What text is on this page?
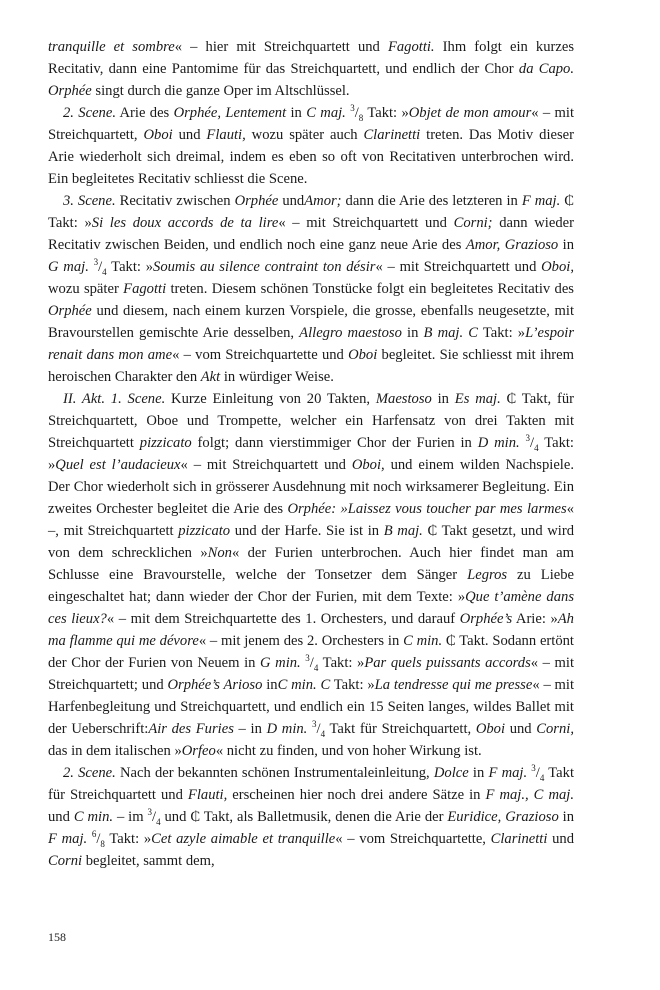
tranquille et sombre« – hier mit Streichquartett und Fagotti. Ihm folgt ein kurzes Recitativ, dann eine Pantomime für das Streichquartett, und endlich der Chor da Capo. Orphée singt durch die ganze Oper im Altschlüssel.

2. Scene. Arie des Orphée, Lentement in C maj. $^3/_8$ Takt: »Objet de mon amour« – mit Streichquartett, Oboi und Flauti, wozu später auch Clarinetti treten. Das Motiv dieser Arie wiederholt sich dreimal, indem es eben so oft von Recitativen unterbrochen wird. Ein begleitetes Recitativ schliesst die Scene.

3. Scene. Recitativ zwischen Orphée undAmor; dann die Arie des letzteren in F maj. ₵ Takt: »Si les doux accords de ta lire« – mit Streichquartett und Corni; dann wieder Recitativ zwischen Beiden, und endlich noch eine ganz neue Arie des Amor, Grazioso in G maj. $^3/_4$ Takt: »Soumis au silence contraint ton désir« – mit Streichquartett und Oboi, wozu später Fagotti treten. Diesem schönen Tonstücke folgt ein begleitetes Recitativ des Orphée und diesem, nach einem kurzen Vorspiele, die grosse, ebenfalls neugesetzte, mit Bravourstellen gemischte Arie desselben, Allegro maestoso in B maj. C Takt: »L’espoir renait dans mon ame« – vom Streichquartette und Oboi begleitet. Sie schliesst mit ihrem heroischen Charakter den Akt in würdiger Weise.

II. Akt. 1. Scene. Kurze Einleitung von 20 Takten, Maestoso in Es maj. ₵ Takt, für Streichquartett, Oboe und Trompette, welcher ein Harfensatz von drei Takten mit Streichquartett pizzicato folgt; dann vierstimmiger Chor der Furien in D min. $^3/_4$ Takt: »Quel est l’audacieux« – mit Streichquartett und Oboi, und einem wilden Nachspiele. Der Chor wiederholt sich in grösserer Ausdehnung mit noch wirksamerer Begleitung. Ein zweites Orchester begleitet die Arie des Orphée: »Laissez vous toucher par mes larmes« –, mit Streichquartett pizzicato und der Harfe. Sie ist in B maj. ₵ Takt gesetzt, und wird von dem schrecklichen »Non« der Furien unterbrochen. Auch hier findet man am Schlusse eine Bravourstelle, welche der Tonsetzer dem Sänger Legros zu Liebe eingeschaltet hat; dann wieder der Chor der Furien, mit dem Texte: »Que t’amène dans ces lieux?« – mit dem Streichquartette des 1. Orchesters, und darauf Orphée’s Arie: »Ah ma flamme qui me dévore« – mit jenem des 2. Orchesters in C min. ₵ Takt. Sodann ertönt der Chor der Furien von Neuem in G min. $^3/_4$ Takt: »Par quels puissants accords« – mit Streichquartett; und Orphée’s Arioso inC min. C Takt: »La tendresse qui me presse« – mit Harfenbegleitung und Streichquartett, und endlich ein 15 Seiten langes, wildes Ballet mit der Ueberschrift:Air des Furies – in D min. $^3/_4$ Takt für Streichquartett, Oboi und Corni, das in dem italischen »Orfeo« nicht zu finden, und von hoher Wirkung ist.

2. Scene. Nach der bekannten schönen Instrumentaleinleitung, Dolce in F maj. $^3/_4$ Takt für Streichquartett und Flauti, erscheinen hier noch drei andere Sätze in F maj., C maj. und C min. – im $^3/_4$ und ₵ Takt, als Balletmusik, denen die Arie der Euridice, Grazioso in F maj. $^6/_8$ Takt: »Cet azyle aimable et tranquille« – vom Streichquartette, Clarinetti und Corni begleitet, sammt dem,

158
